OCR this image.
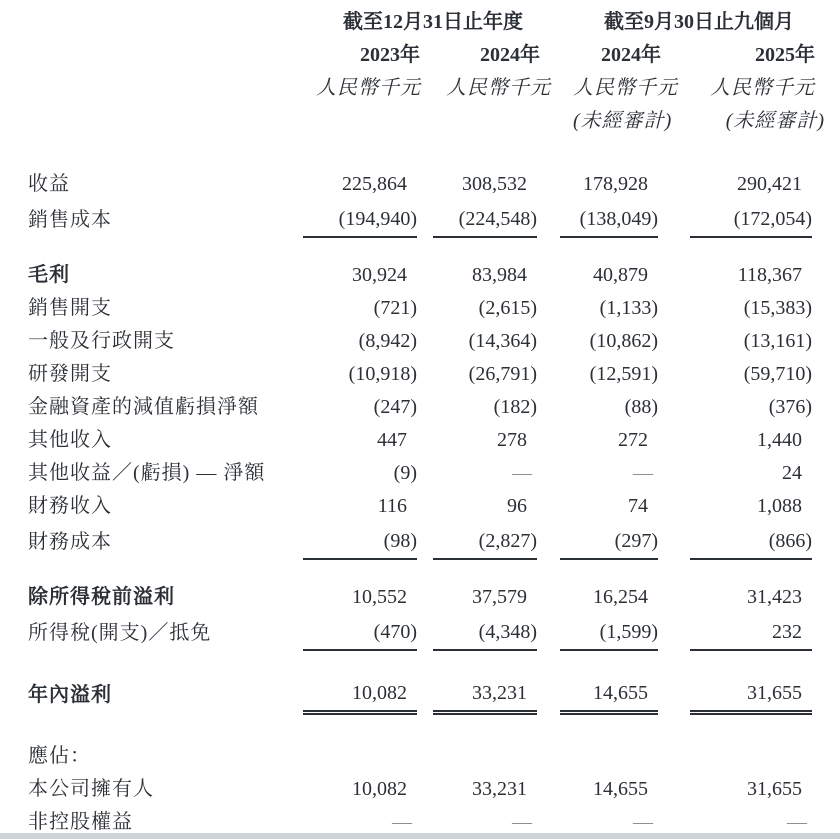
	截至12月31日止年度				截至9月30日止九個月		
	2023年		2024年		2024年		2025年
	人民幣千元		人民幣千元		人民幣千元		人民幣千元
					(未經審計)		(未經審計)

收益	225,864		308,532		178,928		290,421
銷售成本	(194,940)		(224,548)		(138,049)		(172,054)

毛利	30,924		83,984		40,879		118,367
銷售開支	(721)		(2,615)		(1,133)		(15,383)
一般及行政開支	(8,942)		(14,364)		(10,862)		(13,161)
研發開支	(10,918)		(26,791)		(12,591)		(59,710)
金融資產的減值虧損淨額	(247)		(182)		(88)		(376)
其他收入	447		278		272		1,440
其他收益／(虧損) — 淨額	(9)		—		—		24
財務收入	116		96		74		1,088
財務成本	(98)		(2,827)		(297)		(866)

除所得稅前溢利	10,552		37,579		16,254		31,423
所得稅(開支)／抵免	(470)		(4,348)		(1,599)		232

年內溢利	10,082		33,231		14,655		31,655

應佔：							
本公司擁有人	10,082		33,231		14,655		31,655
非控股權益	—		—		—		—
